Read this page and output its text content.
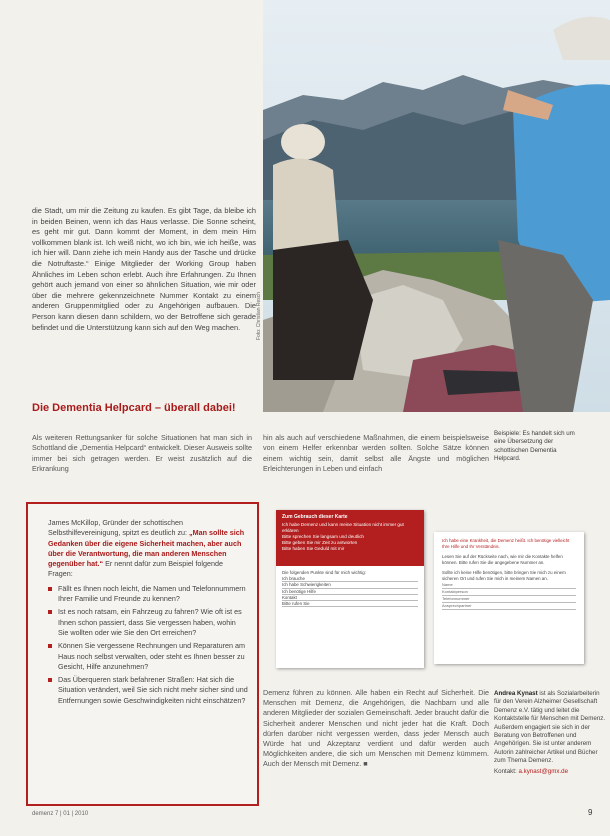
Foto: Christian Resch
die Stadt, um mir die Zeitung zu kaufen. Es gibt Tage, da bleibe ich in beiden Beinen, wenn ich das Haus verlasse. Die Sonne scheint, es geht mir gut. Dann kommt der Moment, in dem mein Hirn vollkommen blank ist. Ich weiß nicht, wo ich bin, wie ich heiße, was ich hier will. Dann ziehe ich mein Handy aus der Tasche und drücke die Notruftaste.“ Einige Mitglieder der Working Group haben Ähnliches im Leben schon erlebt. Auch ihre Erfahrungen. Zu Ihnen gehört auch jemand von einer so ähnlichen Situation, wie mir oder über die mehrere gekennzeichnete Nummer Kontakt zu einem anderen Gruppenmitglied oder zu Angehörigen aufbauen. Die Person kann diesen dann schildern, wo der Betroffene sich gerade befindet und die Unterstützung kann sich auf den Weg machen.
Die Dementia Helpcard – überall dabei!
Als weiteren Rettungsanker für solche Situationen hat man sich in Schottland die „Dementia Helpcard“ entwickelt. Dieser Ausweis sollte immer bei sich getragen werden. Er weist zusätzlich auf die Erkrankung
hin als auch auf verschiedene Maßnahmen, die einem beispielsweise von einem Helfer erkennbar werden sollten. Solche Sätze können einem wichtig sein, damit selbst alle Ängste und möglichen Erleichterungen in Leben und einfach
Beispiele: Es handelt sich um eine Übersetzung der schottischen Dementia Helpcard.
James McKillop, Gründer der schottischen Selbsthilfevereinigung, spitzt es deutlich zu: „Man sollte sich Gedanken über die eigene Sicherheit machen, aber auch über die Verantwortung, die man anderen Menschen gegenüber hat.“ Er nennt dafür zum Beispiel folgende Fragen:
Fällt es Ihnen noch leicht, die Namen und Telefonnummern Ihrer Familie und Freunde zu kennen?
Ist es noch ratsam, ein Fahrzeug zu fahren? Wie oft ist es Ihnen schon passiert, dass Sie vergessen haben, wohin Sie wollten oder wie Sie den Ort erreichen?
Können Sie vergessene Rechnungen und Reparaturen am Haus noch selbst verwalten, oder steht es Ihnen besser zu Gesicht, Hilfe anzunehmen?
Das Überqueren stark befahrener Straßen: Hat sich die Situation verändert, weil Sie sich nicht mehr sicher sind und Entfernungen sowie Geschwindigkeiten nicht einschätzen?
Zum Gebrauch dieser Karte
Ich habe Demenz und kann meine Situation nicht immer gut erklären
Bitte sprechen Sie langsam und deutlich
Bitte geben Sie mir Zeit zu antworten
Bitte haben Sie Geduld mit mir
Die folgenden Punkte sind für mich wichtig:
Ich brauche
Ich habe Schwierigkeiten
Ich benötige Hilfe
Kontakt
Bitte rufen Sie
Ich habe eine Krankheit, die Demenz heißt. Ich benötige vielleicht Ihre Hilfe und Ihr Verständnis.
Lesen Sie auf der Rückseite nach, wie mir die Kontakte helfen können. Bitte rufen Sie die angegebene Nummer an.
Sollte ich keine Hilfe benötigen, bitte bringen Sie mich zu einem sicheren Ort und rufen Sie mich in meinem Namen an.
Name
Kontaktperson
Telefonnummer
Ansprechpartner
Demenz führen zu können. Alle haben ein Recht auf Sicherheit. Die Menschen mit Demenz, die Angehörigen, die Nachbarn und alle anderen Mitglieder der sozialen Gemeinschaft. Jeder braucht dafür die Sicherheit anderer Menschen und nicht jeder hat die Kraft. Doch dürfen darüber nicht vergessen werden, dass jeder Mensch auch Würde hat und Akzeptanz verdient und dafür werden auch Möglichkeiten andere, die sich um Menschen mit Demenz kümmern. Auch der Mensch mit Demenz. ■
Andrea Kynast ist als Sozialarbeiterin für den Verein Alzheimer Gesellschaft Demenz e.V. tätig und leitet die Kontaktstelle für Menschen mit Demenz. Außerdem engagiert sie sich in der Beratung von Betroffenen und Angehörigen. Sie ist unter anderem Autorin zahlreicher Artikel und Bücher zum Thema Demenz.
Kontakt: a.kynast@gmx.de
demenz 7 | 01 | 2010	9
